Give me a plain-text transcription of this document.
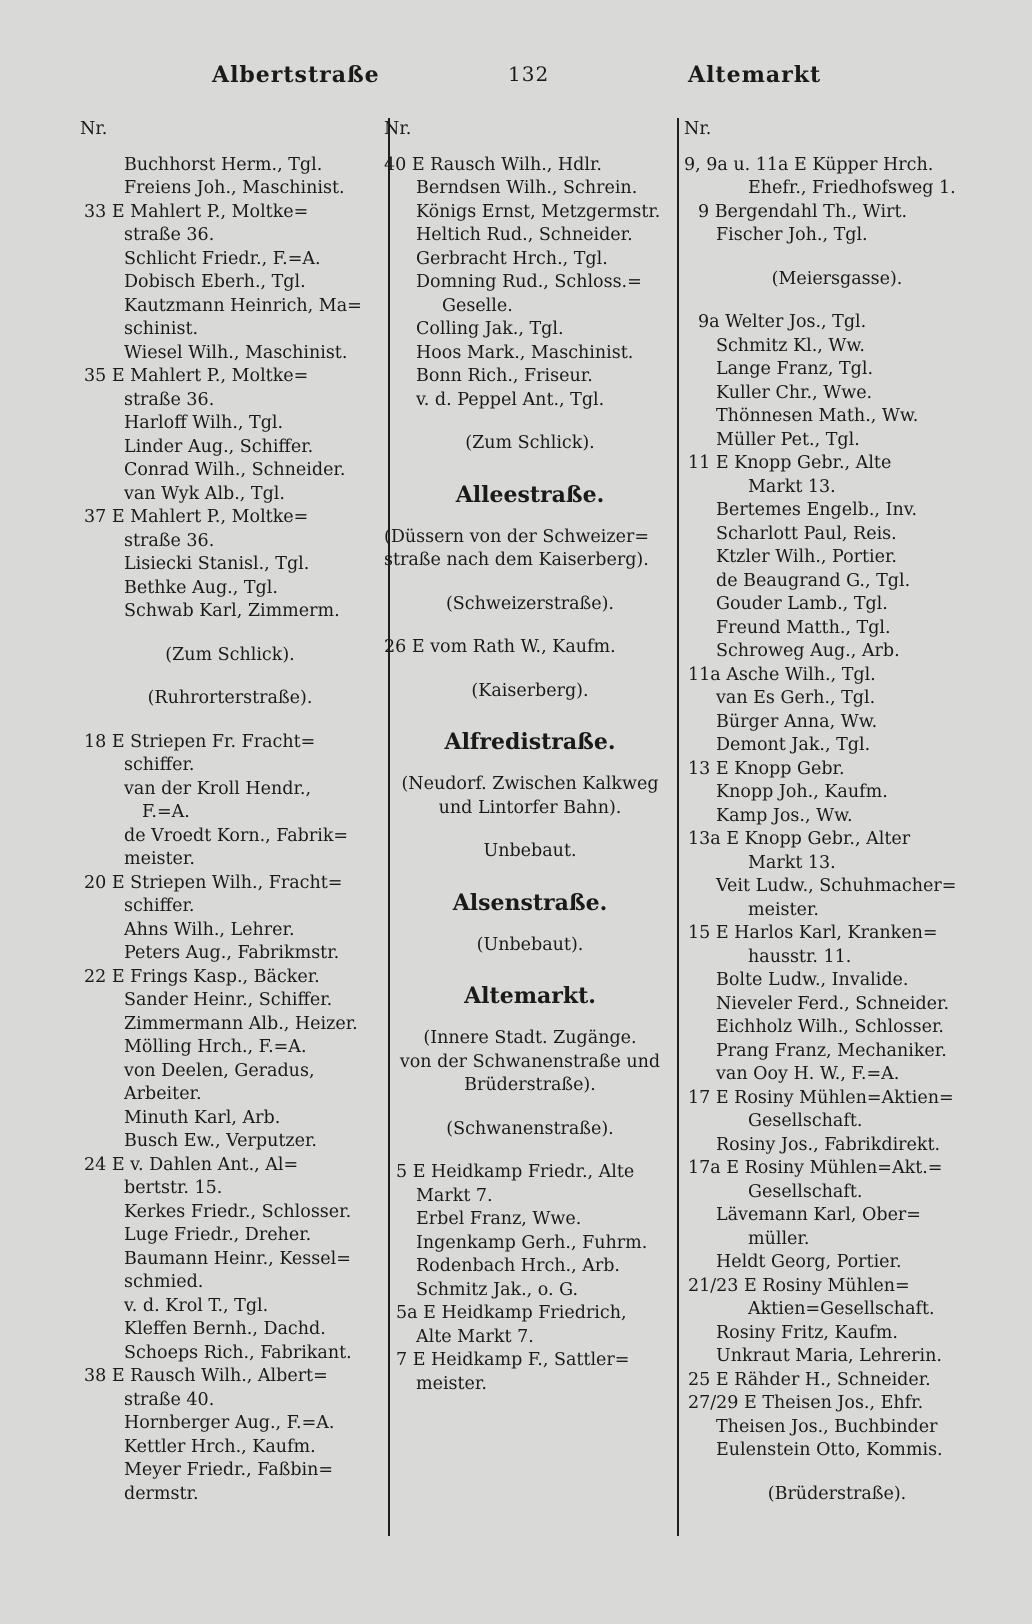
Albertstraße	132	Altemarkt
Nr.
Buchhorst Herm., Tgl.
Freiens Joh., Maschinist.
33 E Mahlert P., Moltke=
straße 36.
Schlicht Friedr., F.=A.
Dobisch Eberh., Tgl.
Kautzmann Heinrich, Ma=
schinist.
Wiesel Wilh., Maschinist.
35 E Mahlert P., Moltke=
straße 36.
Harloff Wilh., Tgl.
Linder Aug., Schiffer.
Conrad Wilh., Schneider.
van Wyk Alb., Tgl.
37 E Mahlert P., Moltke=
straße 36.
Lisiecki Stanisl., Tgl.
Bethke Aug., Tgl.
Schwab Karl, Zimmerm.
(Zum Schlick).
(Ruhrorterstraße).
18 E Striepen Fr. Fracht=
schiffer.
van der Kroll Hendr.,
F.=A.
de Vroedt Korn., Fabrik=
meister.
20 E Striepen Wilh., Fracht=
schiffer.
Ahns Wilh., Lehrer.
Peters Aug., Fabrikmstr.
22 E Frings Kasp., Bäcker.
Sander Heinr., Schiffer.
Zimmermann Alb., Heizer.
Mölling Hrch., F.=A.
von Deelen, Geradus,
Arbeiter.
Minuth Karl, Arb.
Busch Ew., Verputzer.
24 E v. Dahlen Ant., Al=
bertstr. 15.
Kerkes Friedr., Schlosser.
Luge Friedr., Dreher.
Baumann Heinr., Kessel=
schmied.
v. d. Krol T., Tgl.
Kleffen Bernh., Dachd.
Schoeps Rich., Fabrikant.
38 E Rausch Wilh., Albert=
straße 40.
Hornberger Aug., F.=A.
Kettler Hrch., Kaufm.
Meyer Friedr., Faßbin=
dermstr.
Nr.
40 E Rausch Wilh., Hdlr.
Berndsen Wilh., Schrein.
Königs Ernst, Metzgermstr.
Heltich Rud., Schneider.
Gerbracht Hrch., Tgl.
Domning Rud., Schloss.=
Geselle.
Colling Jak., Tgl.
Hoos Mark., Maschinist.
Bonn Rich., Friseur.
v. d. Peppel Ant., Tgl.
(Zum Schlick).
Alleestraße.
(Düssern von der Schweizer=
straße nach dem Kaiserberg).
(Schweizerstraße).
26 E vom Rath W., Kaufm.
(Kaiserberg).
Alfredistraße.
(Neudorf. Zwischen Kalkweg
und Lintorfer Bahn).
Unbebaut.
Alsenstraße.
(Unbebaut).
Altemarkt.
(Innere Stadt. Zugänge.
von der Schwanenstraße und
Brüderstraße).
(Schwanenstraße).
5 E Heidkamp Friedr., Alte
Markt 7.
Erbel Franz, Wwe.
Ingenkamp Gerh., Fuhrm.
Rodenbach Hrch., Arb.
Schmitz Jak., o. G.
5a E Heidkamp Friedrich,
Alte Markt 7.
7 E Heidkamp F., Sattler=
meister.
Nr.
9, 9a u. 11a E Küpper Hrch.
Ehefr., Friedhofsweg 1.
9 Bergendahl Th., Wirt.
Fischer Joh., Tgl.
(Meiersgasse).
9a Welter Jos., Tgl.
Schmitz Kl., Ww.
Lange Franz, Tgl.
Kuller Chr., Wwe.
Thönnesen Math., Ww.
Müller Pet., Tgl.
11 E Knopp Gebr., Alte
Markt 13.
Bertemes Engelb., Inv.
Scharlott Paul, Reis.
Ktzler Wilh., Portier.
de Beaugrand G., Tgl.
Gouder Lamb., Tgl.
Freund Matth., Tgl.
Schroweg Aug., Arb.
11a Asche Wilh., Tgl.
van Es Gerh., Tgl.
Bürger Anna, Ww.
Demont Jak., Tgl.
13 E Knopp Gebr.
Knopp Joh., Kaufm.
Kamp Jos., Ww.
13a E Knopp Gebr., Alter
Markt 13.
Veit Ludw., Schuhmacher=
meister.
15 E Harlos Karl, Kranken=
hausstr. 11.
Bolte Ludw., Invalide.
Nieveler Ferd., Schneider.
Eichholz Wilh., Schlosser.
Prang Franz, Mechaniker.
van Ooy H. W., F.=A.
17 E Rosiny Mühlen=Aktien=
Gesellschaft.
Rosiny Jos., Fabrikdirekt.
17a E Rosiny Mühlen=Akt.=
Gesellschaft.
Lävemann Karl, Ober=
müller.
Heldt Georg, Portier.
21/23 E Rosiny Mühlen=
Aktien=Gesellschaft.
Rosiny Fritz, Kaufm.
Unkraut Maria, Lehrerin.
25 E Rähder H., Schneider.
27/29 E Theisen Jos., Ehfr.
Theisen Jos., Buchbinder
Eulenstein Otto, Kommis.
(Brüderstraße).
